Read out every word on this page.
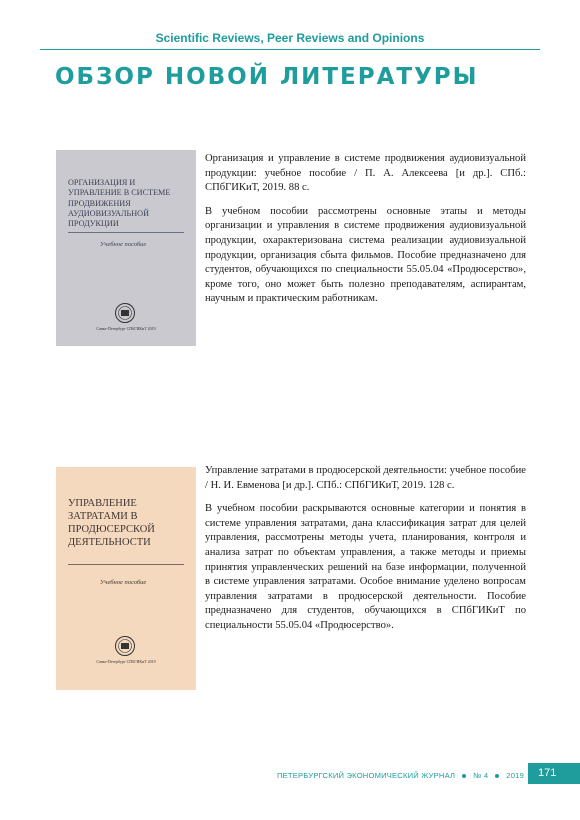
Scientific Reviews, Peer Reviews and Opinions
ОБЗОР НОВОЙ ЛИТЕРАТУРЫ
ОРГАНИЗАЦИЯ И УПРАВЛЕНИЕ В СИСТЕМЕ ПРОДВИЖЕНИЯ АУДИОВИЗУАЛЬНОЙ ПРОДУКЦИИ
Учебное пособие
Санкт-Петербург СПбГИКиТ 2019

Организация и управление в системе продвижения аудиовизуальной продукции: учебное пособие / П. А. Алексеева [и др.]. СПб.: СПбГИКиТ, 2019. 88 с.

В учебном пособии рассмотрены основные этапы и методы организации и управления в системе продвижения аудиовизуальной продукции, охарактеризована система реализации аудиовизуальной продукции, организация сбыта фильмов. Пособие предназначено для студентов, обучающихся по специальности 55.05.04 «Продюсерство», кроме того, оно может быть полезно преподавателям, аспирантам, научным и практическим работникам.

УПРАВЛЕНИЕ ЗАТРАТАМИ В ПРОДЮСЕРСКОЙ ДЕЯТЕЛЬНОСТИ
Учебное пособие
Санкт-Петербург СПбГИКиТ 2019

Управление затратами в продюсерской деятельности: учебное пособие / Н. И. Евменова [и др.]. СПб.: СПбГИКиТ, 2019. 128 с.

В учебном пособии раскрываются основные категории и понятия в системе управления затратами, дана классификация затрат для целей управления, рассмотрены методы учета, планирования, контроля и анализа затрат по объектам управления, а также методы и приемы принятия управленческих решений на базе информации, полученной в системе управления затратами. Особое внимание уделено вопросам управления затратами в продюсерской деятельности. Пособие предназначено для студентов, обучающихся в СПбГИКиТ по специальности 55.05.04 «Продюсерство».

ПЕТЕРБУРГСКИЙ ЭКОНОМИЧЕСКИЙ ЖУРНАЛ № 4 2019	171
